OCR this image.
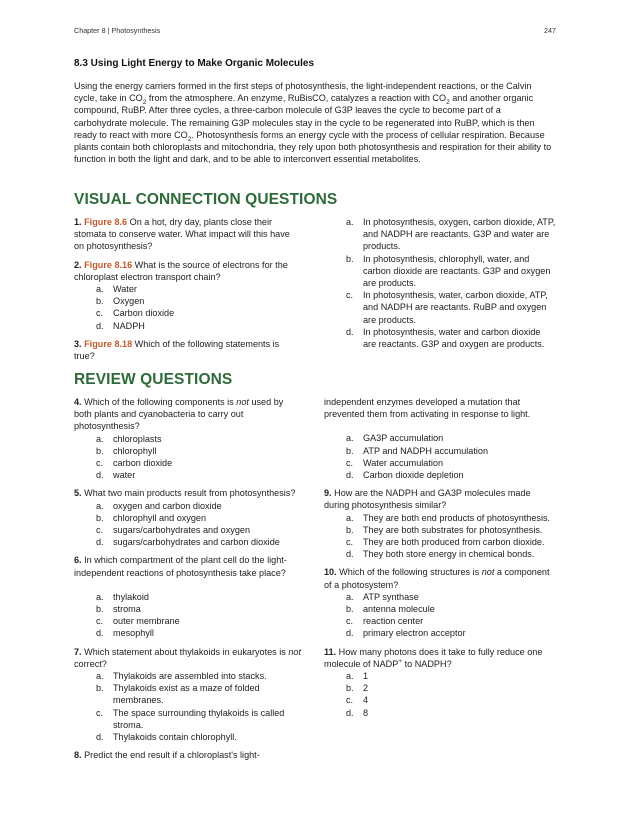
Chapter 8 | Photosynthesis	247
8.3 Using Light Energy to Make Organic Molecules
Using the energy carriers formed in the first steps of photosynthesis, the light-independent reactions, or the Calvin cycle, take in $CO_2$ from the atmosphere. An enzyme, RuBisCO, catalyzes a reaction with $CO_2$ and another organic compound, RuBP. After three cycles, a three-carbon molecule of G3P leaves the cycle to become part of a carbohydrate molecule. The remaining G3P molecules stay in the cycle to be regenerated into RuBP, which is then ready to react with more $CO_2$. Photosynthesis forms an energy cycle with the process of cellular respiration. Because plants contain both chloroplasts and mitochondria, they rely upon both photosynthesis and respiration for their ability to function in both the light and dark, and to be able to interconvert essential metabolites.
VISUAL CONNECTION QUESTIONS
1. Figure 8.6 On a hot, dry day, plants close their stomata to conserve water. What impact will this have on photosynthesis?
2. Figure 8.16 What is the source of electrons for the chloroplast electron transport chain?
a.	Water
b.	Oxygen
c.	Carbon dioxide
d.	NADPH
3. Figure 8.18 Which of the following statements is true?
a.	In photosynthesis, oxygen, carbon dioxide, ATP, and NADPH are reactants. G3P and water are products.
b.	In photosynthesis, chlorophyll, water, and carbon dioxide are reactants. G3P and oxygen are products.
c.	In photosynthesis, water, carbon dioxide, ATP, and NADPH are reactants. RuBP and oxygen are products.
d.	In photosynthesis, water and carbon dioxide are reactants. G3P and oxygen are products.
REVIEW QUESTIONS
4. Which of the following components is not used by both plants and cyanobacteria to carry out photosynthesis?
a.	chloroplasts
b.	chlorophyll
c.	carbon dioxide
d.	water
5. What two main products result from photosynthesis?
a.	oxygen and carbon dioxide
b.	chlorophyll and oxygen
c.	sugars/carbohydrates and oxygen
d.	sugars/carbohydrates and carbon dioxide
6. In which compartment of the plant cell do the light-independent reactions of photosynthesis take place?
a.	thylakoid
b.	stroma
c.	outer membrane
d.	mesophyll
7. Which statement about thylakoids in eukaryotes is not correct?
a.	Thylakoids are assembled into stacks.
b.	Thylakoids exist as a maze of folded membranes.
c.	The space surrounding thylakoids is called stroma.
d.	Thylakoids contain chlorophyll.
8. Predict the end result if a chloroplast's light-
independent enzymes developed a mutation that prevented them from activating in response to light.
a.	GA3P accumulation
b.	ATP and NADPH accumulation
c.	Water accumulation
d.	Carbon dioxide depletion
9. How are the NADPH and GA3P molecules made during photosynthesis similar?
a.	They are both end products of photosynthesis.
b.	They are both substrates for photosynthesis.
c.	They are both produced from carbon dioxide.
d.	They both store energy in chemical bonds.
10. Which of the following structures is not a component of a photosystem?
a.	ATP synthase
b.	antenna molecule
c.	reaction center
d.	primary electron acceptor
11. How many photons does it take to fully reduce one molecule of NADP+ to NADPH?
a.	1
b.	2
c.	4
d.	8
